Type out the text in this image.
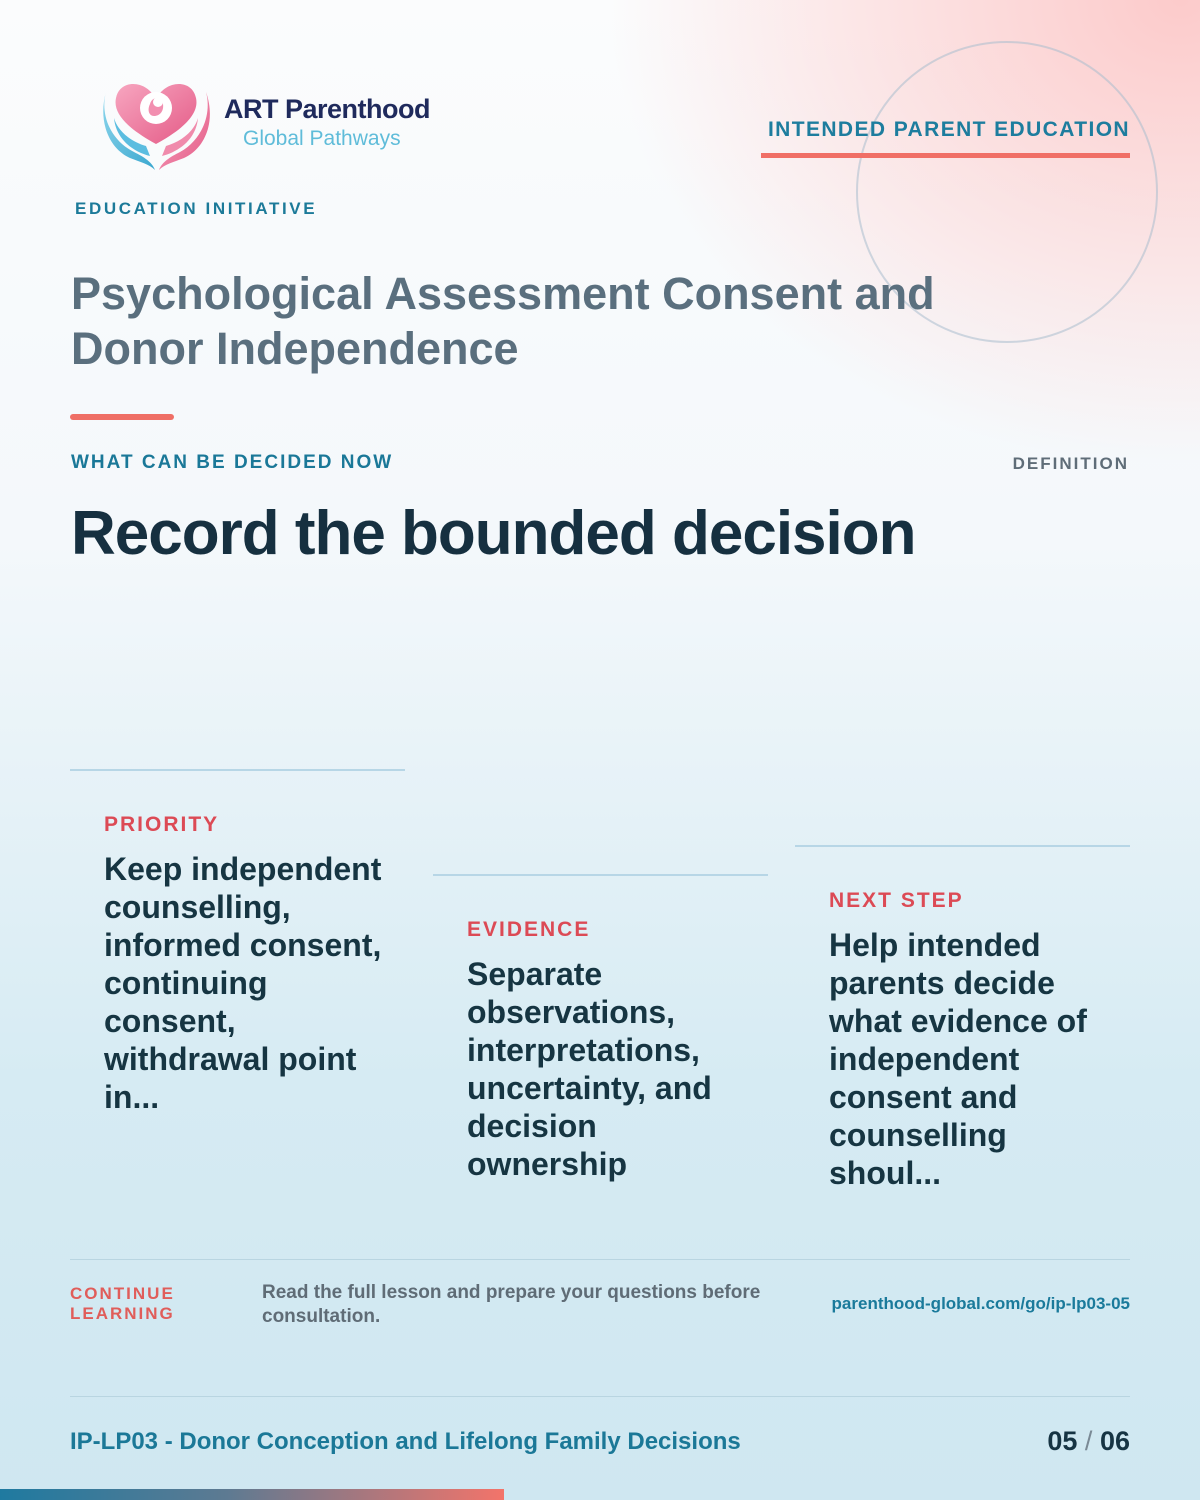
ART Parenthood
Global Pathways
EDUCATION INITIATIVE
INTENDED PARENT EDUCATION
Psychological Assessment Consent and Donor Independence
WHAT CAN BE DECIDED NOW	DEFINITION
Record the bounded decision
PRIORITY
Keep independent counselling, informed consent, continuing consent, withdrawal point in...
EVIDENCE
Separate observations, interpretations, uncertainty, and decision ownership
NEXT STEP
Help intended parents decide what evidence of independent consent and counselling shoul...
CONTINUE LEARNING
Read the full lesson and prepare your questions before consultation.
parenthood-global.com/go/ip-lp03-05
IP-LP03 - Donor Conception and Lifelong Family Decisions	05 / 06
